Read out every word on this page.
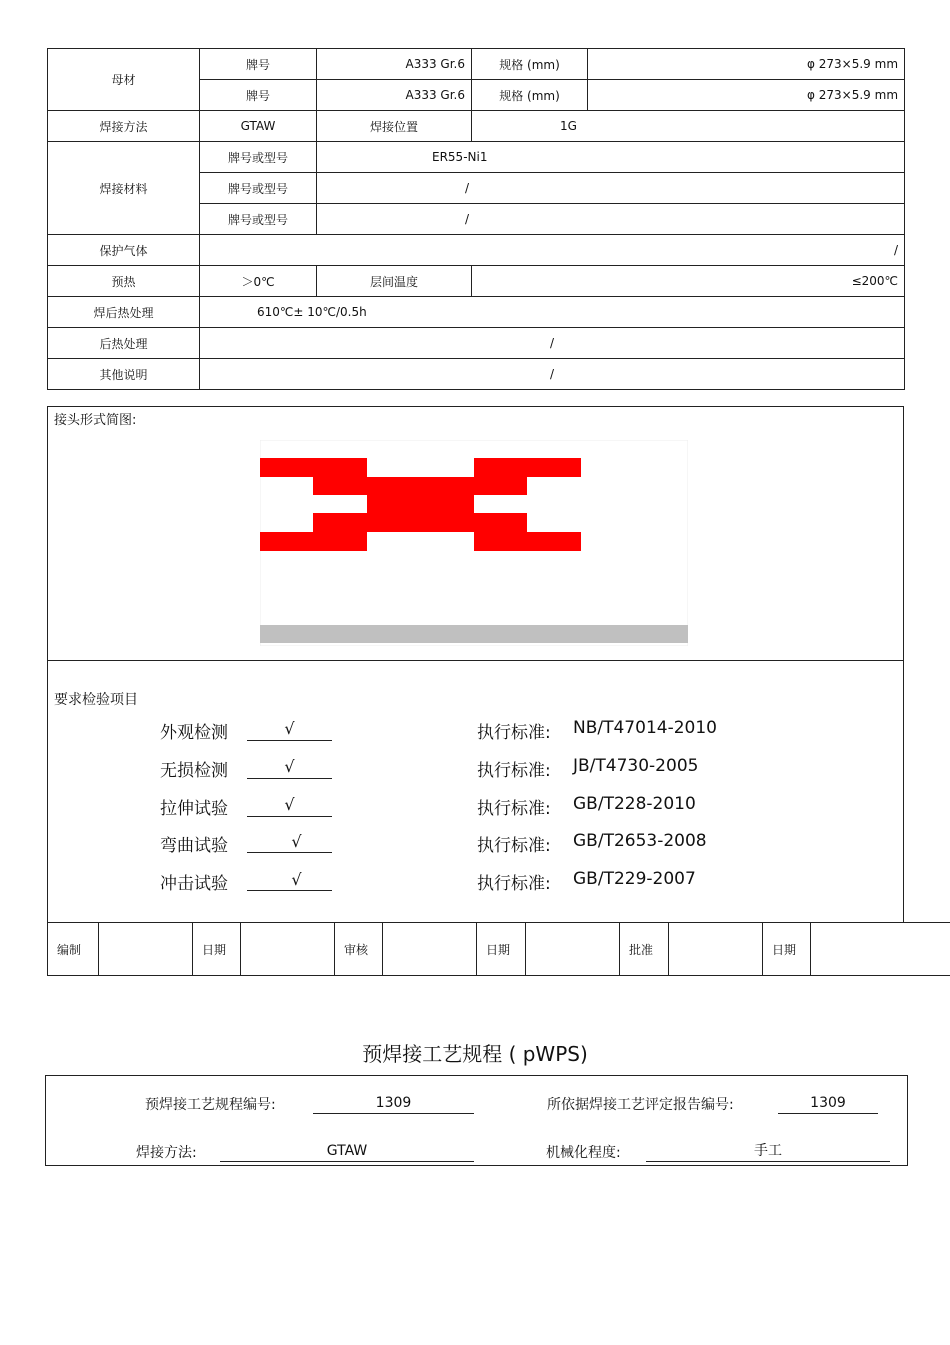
母材	牌号	A333 Gr.6	规格 (mm)	φ 273×5.9 mm
	牌号	A333 Gr.6	规格 (mm)	φ 273×5.9 mm
焊接方法	GTAW	焊接位置	1G	
焊接材料	牌号或型号	ER55-Ni1		
	牌号或型号	/		
	牌号或型号	/		
保护气体	/			
预热	＞0℃	层间温度	≤200℃	
焊后热处理	610℃± 10℃/0.5h			
后热处理	/			
其他说明	/			
接头形式简图:
要求检验项目
外观检测	√	执行标准: NB/T47014-2010
无损检测	√	执行标准: JB/T4730-2005
拉伸试验	√	执行标准: GB/T228-2010
弯曲试验	√	执行标准: GB/T2653-2008
冲击试验	√	执行标准: GB/T229-2007
编制		日期		审核		日期		批准		日期	
预焊接工艺规程 ( pWPS)
预焊接工艺规程编号:	1309	所依据焊接工艺评定报告编号:	1309
焊接方法:	GTAW	机械化程度:	手工
